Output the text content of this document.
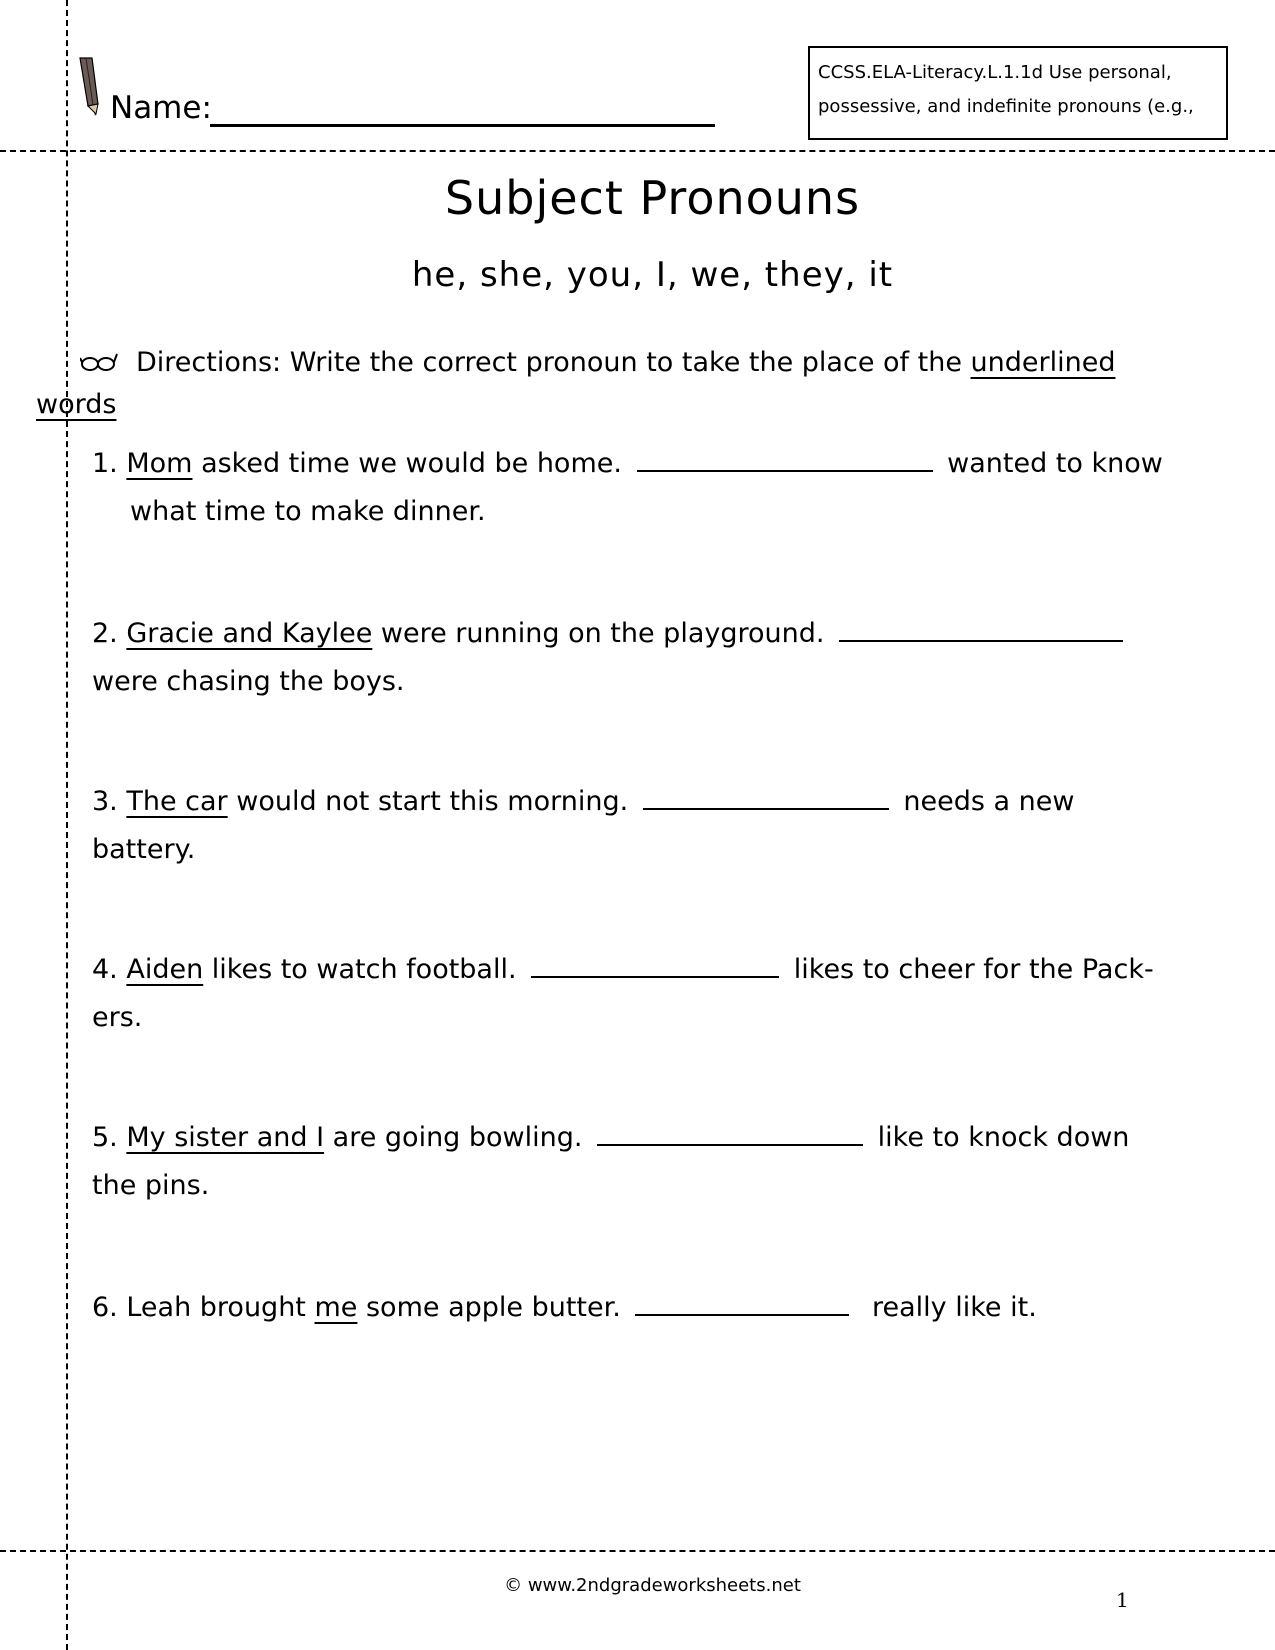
Name:
CCSS.ELA-Literacy.L.1.1d Use personal,
possessive, and indefinite pronouns (e.g.,
Subject Pronouns
he, she, you, I, we, they, it
Directions: Write the correct pronoun to take the place of the underlined
words
1. Mom asked time we would be home.	wanted to know
what time to make dinner.
2. Gracie and Kaylee were running on the playground.
were chasing the boys.
3. The car would not start this morning.	needs a new
battery.
4. Aiden likes to watch football.	likes to cheer for the Pack-
ers.
5. My sister and I are going bowling.	like to knock down
the pins.
6. Leah brought me some apple butter.	really like it.
© www.2ndgradeworksheets.net
1
